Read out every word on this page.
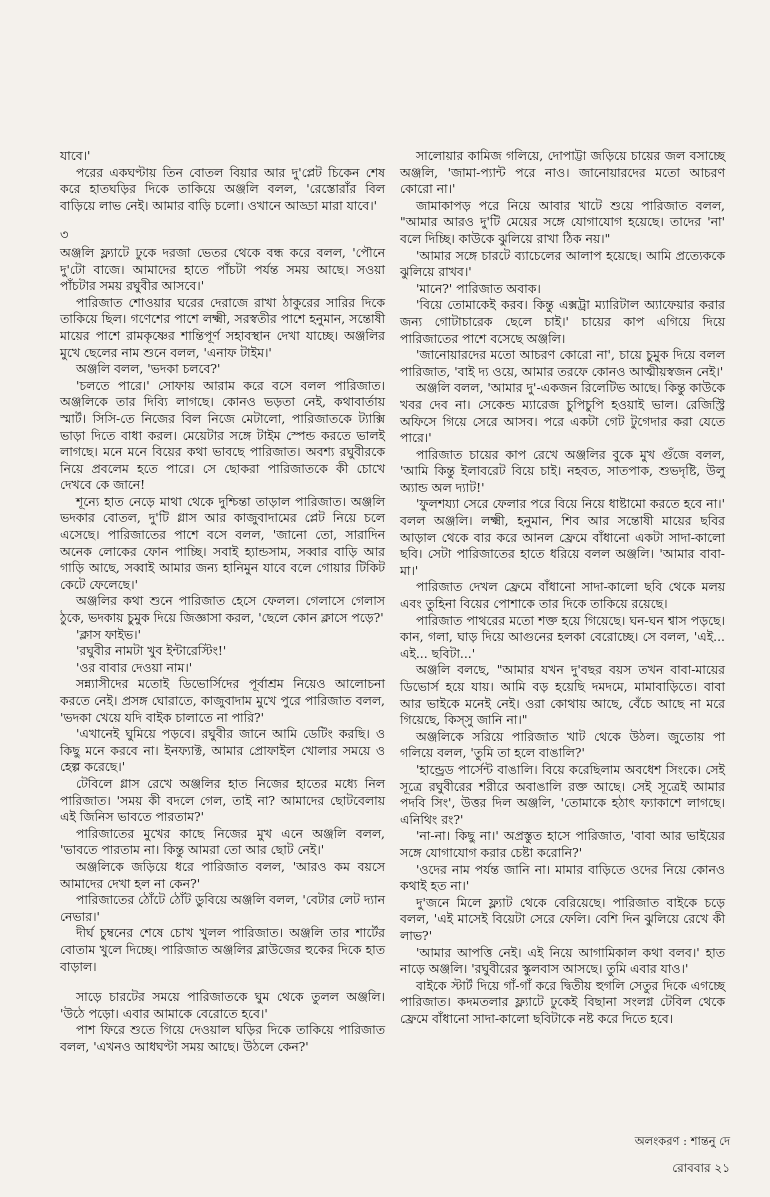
যাবে।'

পরের একঘণ্টায় তিন বোতল বিয়ার আর দু'প্লেট চিকেন শেষ করে হাতঘড়ির দিকে তাকিয়ে অঞ্জলি বলল, 'রেস্তোরাঁর বিল বাড়িয়ে লাভ নেই। আমার বাড়ি চলো। ওখানে আড্ডা মারা যাবে।'

৩

অঞ্জলি ফ্ল্যাটে ঢুকে দরজা ভেতর থেকে বন্ধ করে বলল, 'পৌনে দু'টো বাজে। আমাদের হাতে পাঁচটা পর্যন্ত সময় আছে। সওয়া পাঁচটার সময় রঘুবীর আসবে।'

পারিজাত শোওয়ার ঘরের দেরাজে রাখা ঠাকুরের সারির দিকে তাকিয়ে ছিল। গণেশের পাশে লক্ষ্মী, সরস্বতীর পাশে হনুমান, সন্তোষী মায়ের পাশে রামকৃষ্ণের শান্তিপূর্ণ সহাবস্থান দেখা যাচ্ছে। অঞ্জলির মুখে ছেলের নাম শুনে বলল, 'এনাফ টাইম।'

অঞ্জলি বলল, 'ভদকা চলবে?'

'চলতে পারে।' সোফায় আরাম করে বসে বলল পারিজাত। অঞ্জলিকে তার দিব্যি লাগছে। কোনও ভড়তা নেই, কথাবার্তায় স্মার্ট। সিসি-তে নিজের বিল নিজে মেটালো, পারিজাতকে ট্যাক্সি ভাড়া দিতে বাধা করল। মেয়েটার সঙ্গে টাইম স্পেন্ড করতে ভালই লাগছে। মনে মনে বিয়ের কথা ভাবছে পারিজাত। অবশ্য রঘুবীরকে নিয়ে প্রবলেম হতে পারে। সে ছোকরা পারিজাতকে কী চোখে দেখবে কে জানে!

শূন্যে হাত নেড়ে মাথা থেকে দুশ্চিন্তা তাড়াল পারিজাত। অঞ্জলি ভদকার বোতল, দু'টি গ্লাস আর কাজুবাদামের প্লেট নিয়ে চলে এসেছে। পারিজাতের পাশে বসে বলল, 'জানো তো, সারাদিন অনেক লোকের ফোন পাচ্ছি। সবাই হ্যান্ডসাম, সব্বার বাড়ি আর গাড়ি আছে, সব্বাই আমার জন্য হানিমুন যাবে বলে গোয়ার টিকিট কেটে ফেলেছে।'

অঞ্জলির কথা শুনে পারিজাত হেসে ফেলল। গেলাসে গেলাস ঠুকে, ভদকায় চুমুক দিয়ে জিজ্ঞাসা করল, 'ছেলে কোন ক্লাসে পড়ে?'

'ক্লাস ফাইভ।'

'রঘুবীর নামটা খুব ইন্টারেস্টিং!'

'ওর বাবার দেওয়া নাম।'

সন্ন্যাসীদের মতোই ডিভোর্সিদের পূর্বাশ্রম নিয়েও আলোচনা করতে নেই। প্রসঙ্গ ঘোরাতে, কাজুবাদাম মুখে পুরে পারিজাত বলল, 'ভদকা খেয়ে যদি বাইক চালাতে না পারি?'

'এখানেই ঘুমিয়ে পড়বে। রঘুবীর জানে আমি ডেটিং করছি। ও কিছু মনে করবে না। ইনফ্যাক্ট, আমার প্রোফাইল খোলার সময়ে ও হেল্প করেছে।'

টেবিলে গ্লাস রেখে অঞ্জলির হাত নিজের হাতের মধ্যে নিল পারিজাত। 'সময় কী বদলে গেল, তাই না? আমাদের ছোটবেলায় এই জিনিস ভাবতে পারতাম?'

পারিজাতের মুখের কাছে নিজের মুখ এনে অঞ্জলি বলল, 'ভাবতে পারতাম না। কিন্তু আমরা তো আর ছোট নেই।'

অঞ্জলিকে জড়িয়ে ধরে পারিজাত বলল, 'আরও কম বয়সে আমাদের দেখা হল না কেন?'

পারিজাতের ঠোঁটে ঠোঁট ডুবিয়ে অঞ্জলি বলল, 'বেটার লেট দ্যান নেভার।'

দীর্ঘ চুম্বনের শেষে চোখ খুলল পারিজাত। অঞ্জলি তার শার্টের বোতাম খুলে দিচ্ছে। পারিজাত অঞ্জলির ব্লাউজের হুকের দিকে হাত বাড়াল।

সাড়ে চারটের সময়ে পারিজাতকে ঘুম থেকে তুলল অঞ্জলি। 'উঠে পড়ো। এবার আমাকে বেরোতে হবে।'

পাশ ফিরে শুতে গিয়ে দেওয়াল ঘড়ির দিকে তাকিয়ে পারিজাত বলল, 'এখনও আধঘণ্টা সময় আছে। উঠলে কেন?'

সালোয়ার কামিজ গলিয়ে, দোপাট্টা জড়িয়ে চায়ের জল বসাচ্ছে অঞ্জলি, 'জামা-প্যান্ট পরে নাও। জানোয়ারদের মতো আচরণ কোরো না।'

জামাকাপড় পরে নিয়ে আবার খাটে শুয়ে পারিজাত বলল, "আমার আরও দু'টি মেয়ের সঙ্গে যোগাযোগ হয়েছে। তাদের 'না' বলে দিচ্ছি। কাউকে ঝুলিয়ে রাখা ঠিক নয়।"

'আমার সঙ্গে চারটে ব্যাচেলের আলাপ হয়েছে। আমি প্রত্যেককে ঝুলিয়ে রাখব।'

'মানে?' পারিজাত অবাক।

'বিয়ে তোমাকেই করব। কিন্তু এক্সট্রা ম্যারিটাল অ্যাফেয়ার করার জন্য গোটাচারেক ছেলে চাই।' চায়ের কাপ এগিয়ে দিয়ে পারিজাতের পাশে বসেছে অঞ্জলি।

'জানোয়ারদের মতো আচরণ কোরো না', চায়ে চুমুক দিয়ে বলল পারিজাত, 'বাই দ্য ওয়ে, আমার তরফে কোনও আত্মীয়স্বজন নেই।'

অঞ্জলি বলল, 'আমার দু'-একজন রিলেটিভ আছে। কিন্তু কাউকে খবর দেব না। সেকেন্ড ম্যারেজ চুপিচুপি হওয়াই ভাল। রেজিস্ট্রি অফিসে গিয়ে সেরে আসব। পরে একটা গেট টুগেদার করা যেতে পারে।'

পারিজাত চায়ের কাপ রেখে অঞ্জলির বুকে মুখ গুঁজে বলল, 'আমি কিন্তু ইলাবরেট বিয়ে চাই। নহবত, সাতপাক, শুভদৃষ্টি, উলু অ্যান্ড অল দ্যাট!'

'ফুলশয্যা সেরে ফেলার পরে বিয়ে নিয়ে ধাষ্টামো করতে হবে না।' বলল অঞ্জলি। লক্ষ্মী, হনুমান, শিব আর সন্তোষী মায়ের ছবির আড়াল থেকে বার করে আনল ফ্রেমে বাঁধানো একটা সাদা-কালো ছবি। সেটা পারিজাতের হাতে ধরিয়ে বলল অঞ্জলি। 'আমার বাবা-মা।'

পারিজাত দেখল ফ্রেমে বাঁধানো সাদা-কালো ছবি থেকে মলয় এবং তুহিনা বিয়ের পোশাকে তার দিকে তাকিয়ে রয়েছে।

পারিজাত পাথরের মতো শক্ত হয়ে গিয়েছে। ঘন-ঘন শ্বাস পড়ছে। কান, গলা, ঘাড় দিয়ে আগুনের হলকা বেরোচ্ছে। সে বলল, 'এই... এই... ছবিটা...'

অঞ্জলি বলছে, "আমার যখন দু'বছর বয়স তখন বাবা-মায়ের ডিভোর্স হয়ে যায়। আমি বড় হয়েছি দমদমে, মামাবাড়িতে। বাবা আর ভাইকে মনেই নেই। ওরা কোথায় আছে, বেঁচে আছে না মরে গিয়েছে, কিস্সু জানি না।"

অঞ্জলিকে সরিয়ে পারিজাত খাট থেকে উঠল। জুতোয় পা গলিয়ে বলল, 'তুমি তা হলে বাঙালি?'

'হান্ড্রেড পার্সেন্ট বাঙালি। বিয়ে করেছিলাম অবধেশ সিংকে। সেই সূত্রে রঘুবীরের শরীরে অবাঙালি রক্ত আছে। সেই সূত্রেই আমার পদবি সিং', উত্তর দিল অঞ্জলি, 'তোমাকে হঠাৎ ফ্যাকাশে লাগছে। এনিথিং রং?'

'না-না। কিছু না।' অপ্রস্তুত হাসে পারিজাত, 'বাবা আর ভাইয়ের সঙ্গে যোগাযোগ করার চেষ্টা করোনি?'

'ওদের নাম পর্যন্ত জানি না। মামার বাড়িতে ওদের নিয়ে কোনও কথাই হত না।'

দু'জনে মিলে ফ্ল্যাট থেকে বেরিয়েছে। পারিজাত বাইকে চড়ে বলল, 'এই মাসেই বিয়েটা সেরে ফেলি। বেশি দিন ঝুলিয়ে রেখে কী লাভ?'

'আমার আপত্তি নেই। এই নিয়ে আগামিকাল কথা বলব।' হাত নাড়ে অঞ্জলি। 'রঘুবীরের স্কুলবাস আসছে। তুমি এবার যাও।'

বাইকে স্টার্ট দিয়ে গাঁ-গাঁ করে দ্বিতীয় হুগলি সেতুর দিকে এগচ্ছে পারিজাত। কদমতলার ফ্ল্যাটে ঢুকেই বিছানা সংলগ্ন টেবিল থেকে ফ্রেমে বাঁধানো সাদা-কালো ছবিটাকে নষ্ট করে দিতে হবে।

অলংকরণ : শান্তনু দে
রোববার ২১
